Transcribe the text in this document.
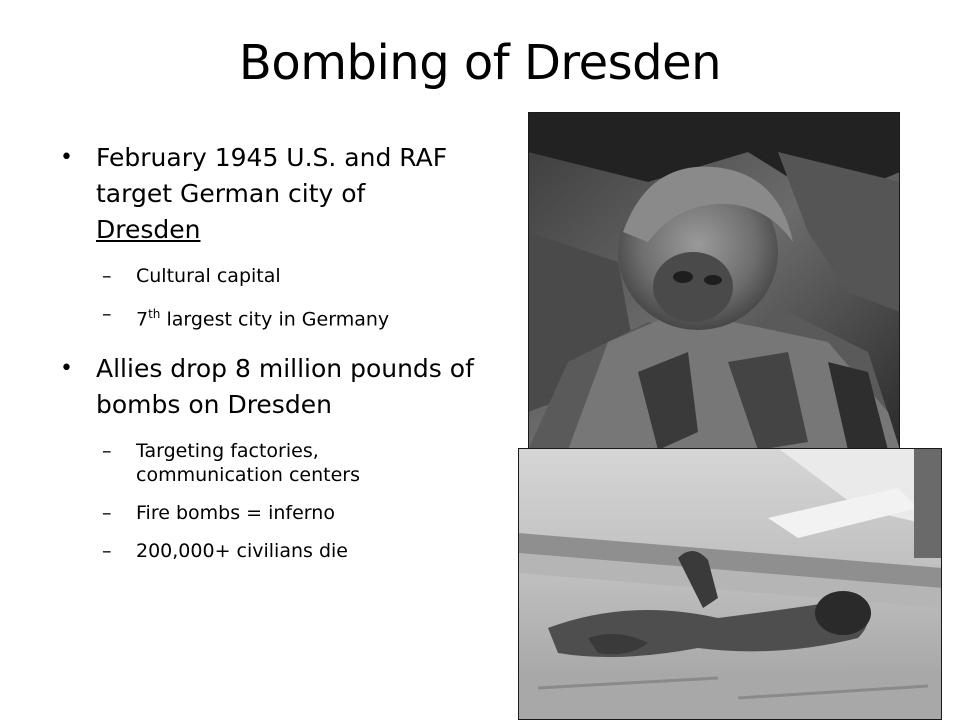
Bombing of Dresden
• February 1945 U.S. and RAF target German city of Dresden
–	Cultural capital
–	7th largest city in Germany
• Allies drop 8 million pounds of bombs on Dresden
–	Targeting factories, communication centers
–	Fire bombs = inferno
–	200,000+ civilians die
